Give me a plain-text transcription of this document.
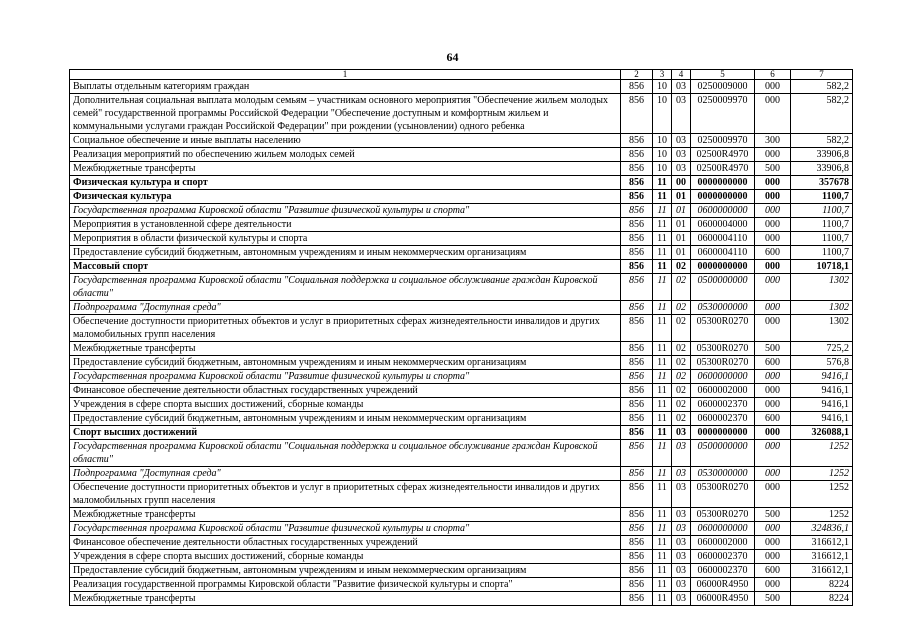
64
1	2	3	4	5	6	7
Выплаты отдельным категориям граждан	856	10	03	0250009000	000	582,2
Дополнительная социальная выплата молодым семьям – участникам основного мероприятия "Обеспечение жильем молодых семей" государственной программы Российской Федерации "Обеспечение доступным и комфортным жильем и коммунальными услугами граждан Российской Федерации" при рождении (усыновлении) одного ребенка	856	10	03	0250009970	000	582,2
Социальное обеспечение и иные выплаты населению	856	10	03	0250009970	300	582,2
Реализация мероприятий по обеспечению жильем молодых семей	856	10	03	02500R4970	000	33906,8
Межбюджетные трансферты	856	10	03	02500R4970	500	33906,8
Физическая культура и спорт	856	11	00	0000000000	000	357678
Физическая культура	856	11	01	0000000000	000	1100,7
Государственная программа Кировской области "Развитие физической культуры и спорта"	856	11	01	0600000000	000	1100,7
Мероприятия в установленной сфере деятельности	856	11	01	0600004000	000	1100,7
Мероприятия в области физической культуры и спорта	856	11	01	0600004110	000	1100,7
Предоставление субсидий бюджетным, автономным учреждениям и иным некоммерческим организациям	856	11	01	0600004110	600	1100,7
Массовый спорт	856	11	02	0000000000	000	10718,1
Государственная программа Кировской области "Социальная поддержка и социальное обслуживание граждан Кировской области"	856	11	02	0500000000	000	1302
Подпрограмма "Доступная среда"	856	11	02	0530000000	000	1302
Обеспечение доступности приоритетных объектов и услуг в приоритетных сферах жизнедеятельности инвалидов и других маломобильных групп населения	856	11	02	05300R0270	000	1302
Межбюджетные трансферты	856	11	02	05300R0270	500	725,2
Предоставление субсидий бюджетным, автономным учреждениям и иным некоммерческим организациям	856	11	02	05300R0270	600	576,8
Государственная программа Кировской области "Развитие физической культуры и спорта"	856	11	02	0600000000	000	9416,1
Финансовое обеспечение деятельности областных государственных учреждений	856	11	02	0600002000	000	9416,1
Учреждения в сфере спорта высших достижений, сборные команды	856	11	02	0600002370	000	9416,1
Предоставление субсидий бюджетным, автономным учреждениям и иным некоммерческим организациям	856	11	02	0600002370	600	9416,1
Спорт высших достижений	856	11	03	0000000000	000	326088,1
Государственная программа Кировской области "Социальная поддержка и социальное обслуживание граждан Кировской области"	856	11	03	0500000000	000	1252
Подпрограмма "Доступная среда"	856	11	03	0530000000	000	1252
Обеспечение доступности приоритетных объектов и услуг в приоритетных сферах жизнедеятельности инвалидов и других маломобильных групп населения	856	11	03	05300R0270	000	1252
Межбюджетные трансферты	856	11	03	05300R0270	500	1252
Государственная программа Кировской области "Развитие физической культуры и спорта"	856	11	03	0600000000	000	324836,1
Финансовое обеспечение деятельности областных государственных учреждений	856	11	03	0600002000	000	316612,1
Учреждения в сфере спорта высших достижений, сборные команды	856	11	03	0600002370	000	316612,1
Предоставление субсидий бюджетным, автономным учреждениям и иным некоммерческим организациям	856	11	03	0600002370	600	316612,1
Реализация государственной программы Кировской области "Развитие физической культуры и спорта"	856	11	03	06000R4950	000	8224
Межбюджетные трансферты	856	11	03	06000R4950	500	8224
